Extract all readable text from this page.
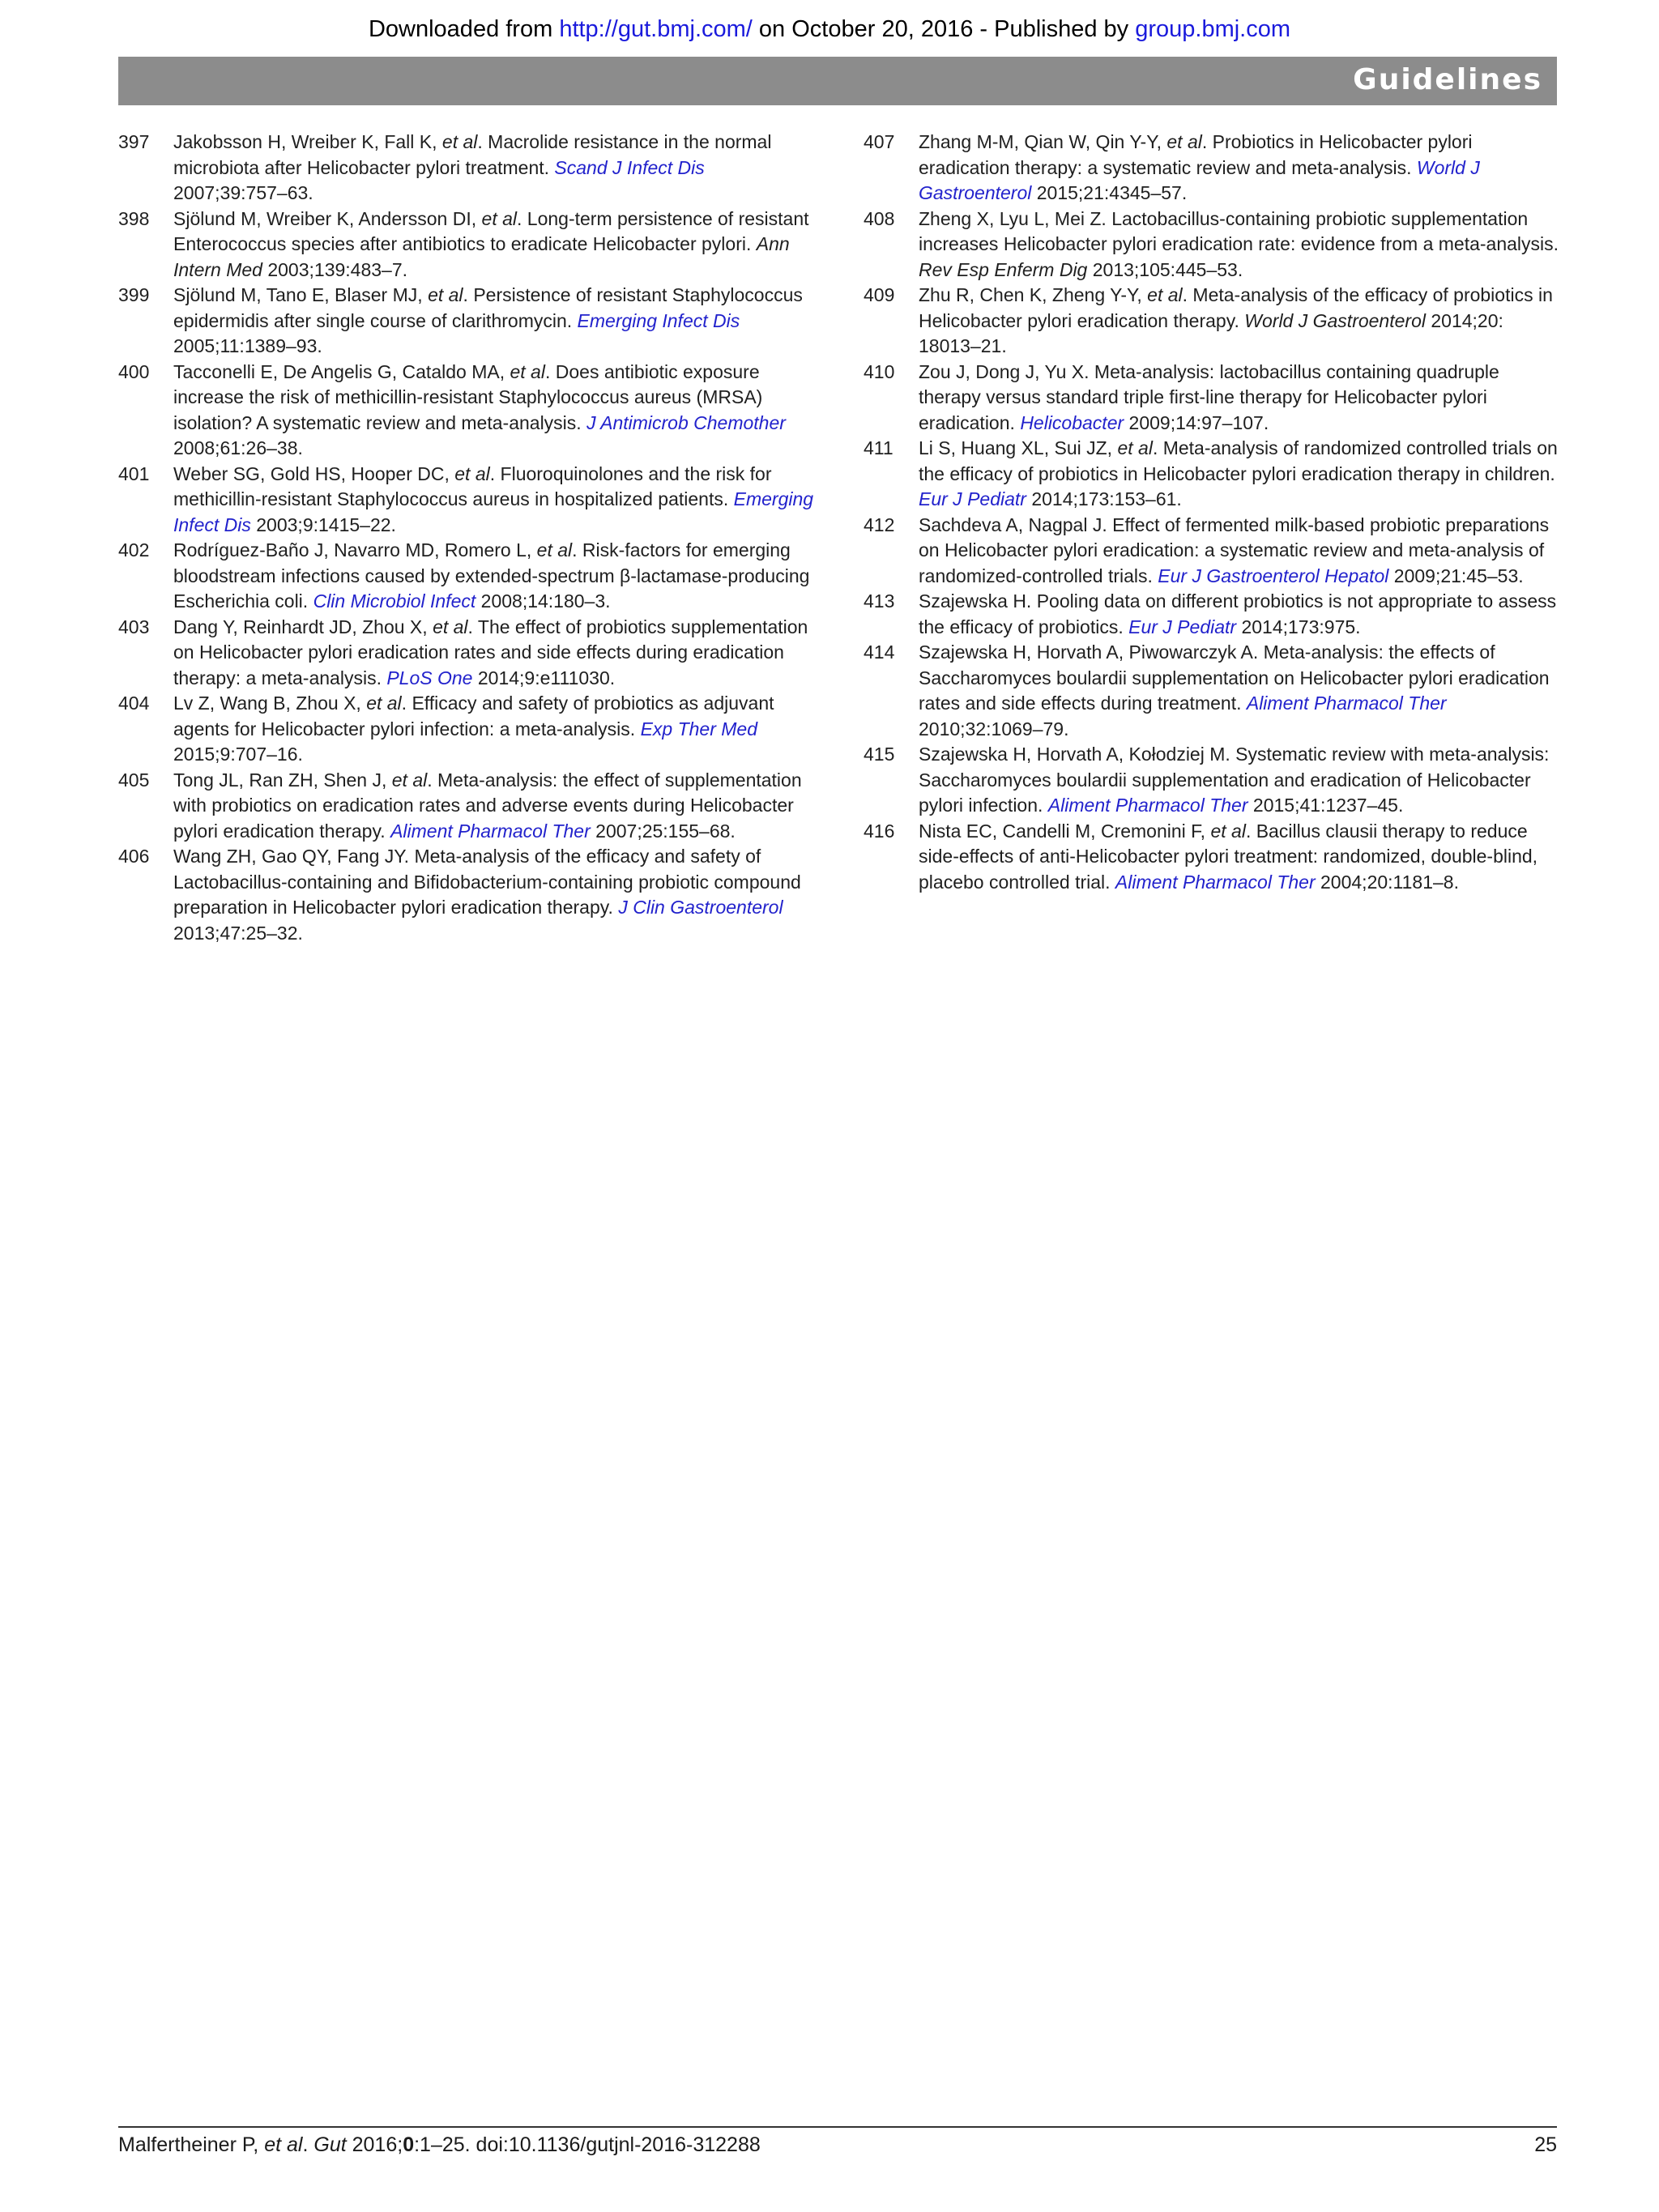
Downloaded from http://gut.bmj.com/ on October 20, 2016 - Published by group.bmj.com
Guidelines
397 Jakobsson H, Wreiber K, Fall K, et al. Macrolide resistance in the normal microbiota after Helicobacter pylori treatment. Scand J Infect Dis 2007;39:757–63.
398 Sjölund M, Wreiber K, Andersson DI, et al. Long-term persistence of resistant Enterococcus species after antibiotics to eradicate Helicobacter pylori. Ann Intern Med 2003;139:483–7.
399 Sjölund M, Tano E, Blaser MJ, et al. Persistence of resistant Staphylococcus epidermidis after single course of clarithromycin. Emerging Infect Dis 2005;11:1389–93.
400 Tacconelli E, De Angelis G, Cataldo MA, et al. Does antibiotic exposure increase the risk of methicillin-resistant Staphylococcus aureus (MRSA) isolation? A systematic review and meta-analysis. J Antimicrob Chemother 2008;61:26–38.
401 Weber SG, Gold HS, Hooper DC, et al. Fluoroquinolones and the risk for methicillin-resistant Staphylococcus aureus in hospitalized patients. Emerging Infect Dis 2003;9:1415–22.
402 Rodríguez-Baño J, Navarro MD, Romero L, et al. Risk-factors for emerging bloodstream infections caused by extended-spectrum β-lactamase-producing Escherichia coli. Clin Microbiol Infect 2008;14:180–3.
403 Dang Y, Reinhardt JD, Zhou X, et al. The effect of probiotics supplementation on Helicobacter pylori eradication rates and side effects during eradication therapy: a meta-analysis. PLoS One 2014;9:e111030.
404 Lv Z, Wang B, Zhou X, et al. Efficacy and safety of probiotics as adjuvant agents for Helicobacter pylori infection: a meta-analysis. Exp Ther Med 2015;9:707–16.
405 Tong JL, Ran ZH, Shen J, et al. Meta-analysis: the effect of supplementation with probiotics on eradication rates and adverse events during Helicobacter pylori eradication therapy. Aliment Pharmacol Ther 2007;25:155–68.
406 Wang ZH, Gao QY, Fang JY. Meta-analysis of the efficacy and safety of Lactobacillus-containing and Bifidobacterium-containing probiotic compound preparation in Helicobacter pylori eradication therapy. J Clin Gastroenterol 2013;47:25–32.
407 Zhang M-M, Qian W, Qin Y-Y, et al. Probiotics in Helicobacter pylori eradication therapy: a systematic review and meta-analysis. World J Gastroenterol 2015;21:4345–57.
408 Zheng X, Lyu L, Mei Z. Lactobacillus-containing probiotic supplementation increases Helicobacter pylori eradication rate: evidence from a meta-analysis. Rev Esp Enferm Dig 2013;105:445–53.
409 Zhu R, Chen K, Zheng Y-Y, et al. Meta-analysis of the efficacy of probiotics in Helicobacter pylori eradication therapy. World J Gastroenterol 2014;20: 18013–21.
410 Zou J, Dong J, Yu X. Meta-analysis: lactobacillus containing quadruple therapy versus standard triple first-line therapy for Helicobacter pylori eradication. Helicobacter 2009;14:97–107.
411 Li S, Huang XL, Sui JZ, et al. Meta-analysis of randomized controlled trials on the efficacy of probiotics in Helicobacter pylori eradication therapy in children. Eur J Pediatr 2014;173:153–61.
412 Sachdeva A, Nagpal J. Effect of fermented milk-based probiotic preparations on Helicobacter pylori eradication: a systematic review and meta-analysis of randomized-controlled trials. Eur J Gastroenterol Hepatol 2009;21:45–53.
413 Szajewska H. Pooling data on different probiotics is not appropriate to assess the efficacy of probiotics. Eur J Pediatr 2014;173:975.
414 Szajewska H, Horvath A, Piwowarczyk A. Meta-analysis: the effects of Saccharomyces boulardii supplementation on Helicobacter pylori eradication rates and side effects during treatment. Aliment Pharmacol Ther 2010;32:1069–79.
415 Szajewska H, Horvath A, Kołodziej M. Systematic review with meta-analysis: Saccharomyces boulardii supplementation and eradication of Helicobacter pylori infection. Aliment Pharmacol Ther 2015;41:1237–45.
416 Nista EC, Candelli M, Cremonini F, et al. Bacillus clausii therapy to reduce side-effects of anti-Helicobacter pylori treatment: randomized, double-blind, placebo controlled trial. Aliment Pharmacol Ther 2004;20:1181–8.
Malfertheiner P, et al. Gut 2016;0:1–25. doi:10.1136/gutjnl-2016-312288	25
